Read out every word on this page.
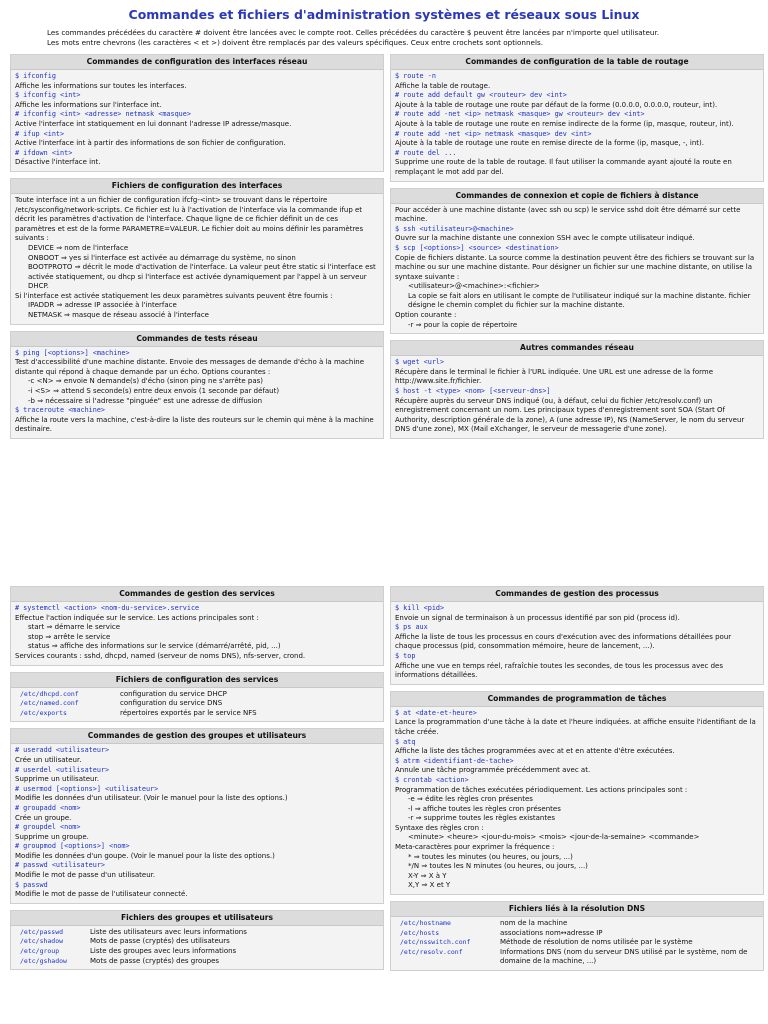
Commandes et fichiers d'administration systèmes et réseaux sous Linux
Les commandes précédées du caractère # doivent être lancées avec le compte root. Celles précédées du caractère $ peuvent être lancées par n'importe quel utilisateur.
Les mots entre chevrons (les caractères < et >) doivent être remplacés par des valeurs spécifiques. Ceux entre crochets sont optionnels.
Commandes de configuration des interfaces réseau
$ ifconfig
Affiche les informations sur toutes les interfaces.
$ ifconfig <int>
Affiche les informations sur l'interface int.
# ifconfig <int> <adresse> netmask <masque>
Active l'interface int statiquement en lui donnant l'adresse IP adresse/masque.
# ifup <int>
Active l'interface int à partir des informations de son fichier de configuration.
# ifdown <int>
Désactive l'interface int.
Fichiers de configuration des interfaces
Toute interface int a un fichier de configuration ifcfg-<int> se trouvant dans le répertoire /etc/sysconfig/network-scripts. Ce fichier est lu à l'activation de l'interface via la commande ifup et décrit les paramètres d'activation de l'interface. Chaque ligne de ce fichier définit un de ces paramètres et est de la forme PARAMETRE=VALEUR. Le fichier doit au moins définir les paramètres suivants :
DEVICE ⇒ nom de l'interface
ONBOOT ⇒ yes si l'interface est activée au démarrage du système, no sinon
BOOTPROTO ⇒ décrit le mode d'activation de l'interface. La valeur peut être static si l'interface est activée statiquement, ou dhcp si l'interface est activée dynamiquement par l'appel à un serveur DHCP.
Si l'interface est activée statiquement les deux paramètres suivants peuvent être fournis :
IPADDR ⇒ adresse IP associée à l'interface
NETMASK ⇒ masque de réseau associé à l'interface
Commandes de tests réseau
$ ping [<options>] <machine>
Test d'accessibilité d'une machine distante. Envoie des messages de demande d'écho à la machine distante qui répond à chaque demande par un écho. Options courantes :
-c <N> ⇒ envoie N demande(s) d'écho (sinon ping ne s'arrête pas)
-i <S> ⇒ attend S seconde(s) entre deux envois (1 seconde par défaut)
-b ⇒ nécessaire si l'adresse "pinguée" est une adresse de diffusion
$ traceroute <machine>
Affiche la route vers la machine, c'est-à-dire la liste des routeurs sur le chemin qui mène à la machine destinaire.
Commandes de configuration de la table de routage
$ route -n
Affiche la table de routage.
# route add default gw <routeur> dev <int>
Ajoute à la table de routage une route par défaut de la forme (0.0.0.0, 0.0.0.0, routeur, int).
# route add -net <ip> netmask <masque> gw <routeur> dev <int>
Ajoute à la table de routage une route en remise indirecte de la forme (ip, masque, routeur, int).
# route add -net <ip> netmask <masque> dev <int>
Ajoute à la table de routage une route en remise directe de la forme (ip, masque, -, int).
# route del ...
Supprime une route de la table de routage. Il faut utiliser la commande ayant ajouté la route en remplaçant le mot add par del.
Commandes de connexion et copie de fichiers à distance
Pour accéder à une machine distante (avec ssh ou scp) le service sshd doit être démarré sur cette machine.
$ ssh <utilisateur>@<machine>
Ouvre sur la machine distante une connexion SSH avec le compte utilisateur indiqué.
$ scp [<options>] <source> <destination>
Copie de fichiers distante. La source comme la destination peuvent être des fichiers se trouvant sur la machine ou sur une machine distante. Pour désigner un fichier sur une machine distante, on utilise la syntaxe suivante :
<utilisateur>@<machine>:<fichier>
La copie se fait alors en utilisant le compte de l'utilisateur indiqué sur la machine distante. fichier désigne le chemin complet du fichier sur la machine distante.
Option courante :
-r ⇒ pour la copie de répertoire
Autres commandes réseau
$ wget <url>
Récupère dans le terminal le fichier à l'URL indiquée. Une URL est une adresse de la forme http://www.site.fr/fichier.
$ host -t <type> <nom> [<serveur-dns>]
Récupère auprès du serveur DNS indiqué (ou, à défaut, celui du fichier /etc/resolv.conf) un enregistrement concernant un nom. Les principaux types d'enregistrement sont SOA (Start Of Authority, description générale de la zone), A (une adresse IP), NS (NameServer, le nom du serveur DNS d'une zone), MX (Mail eXchanger, le serveur de messagerie d'une zone).
Commandes de gestion des services
# systemctl <action> <nom-du-service>.service
Effectue l'action indiquée sur le service. Les actions principales sont :
start ⇒ démarre le service
stop ⇒ arrête le service
status ⇒ affiche des informations sur le service (démarré/arrêté, pid, ...)
Services courants : sshd, dhcpd, named (serveur de noms DNS), nfs-server, crond.
Fichiers de configuration des services
/etc/dhcpd.conf	configuration du service DHCP
/etc/named.conf	configuration du service DNS
/etc/exports	répertoires exportés par le service NFS
Commandes de gestion des groupes et utilisateurs
# useradd <utilisateur>
Crée un utilisateur.
# userdel <utilisateur>
Supprime un utilisateur.
# usermod [<options>] <utilisateur>
Modifie les données d'un utilisateur. (Voir le manuel pour la liste des options.)
# groupadd <nom>
Crée un groupe.
# groupdel <nom>
Supprime un groupe.
# groupmod [<options>] <nom>
Modifie les données d'un goupe. (Voir le manuel pour la liste des options.)
# passwd <utilisateur>
Modifie le mot de passe d'un utilisateur.
$ passwd
Modifie le mot de passe de l'utilisateur connecté.
Fichiers des groupes et utilisateurs
/etc/passwd	Liste des utilisateurs avec leurs informations
/etc/shadow	Mots de passe (cryptés) des utilisateurs
/etc/group	Liste des groupes avec leurs informations
/etc/gshadow	Mots de passe (cryptés) des groupes
Commandes de gestion des processus
$ kill <pid>
Envoie un signal de terminaison à un processus identifié par son pid (process id).
$ ps aux
Affiche la liste de tous les processus en cours d'exécution avec des informations détaillées pour chaque processus (pid, consommation mémoire, heure de lancement, ...).
$ top
Affiche une vue en temps réel, rafraîchie toutes les secondes, de tous les processus avec des informations détaillées.
Commandes de programmation de tâches
$ at <date-et-heure>
Lance la programmation d'une tâche à la date et l'heure indiquées. at affiche ensuite l'identifiant de la tâche créée.
$ atq
Affiche la liste des tâches programmées avec at et en attente d'être exécutées.
$ atrm <identifiant-de-tache>
Annule une tâche programmée précédemment avec at.
$ crontab <action>
Programmation de tâches exécutées périodiquement. Les actions principales sont :
-e ⇒ édite les règles cron présentes
-l ⇒ affiche toutes les règles cron présentes
-r ⇒ supprime toutes les règles existantes
Syntaxe des règles cron :
<minute> <heure> <jour-du-mois> <mois> <jour-de-la-semaine> <commande>
Meta-caractères pour exprimer la fréquence :
* ⇒ toutes les minutes (ou heures, ou jours, ...)
*/N ⇒ toutes les N minutes (ou heures, ou jours, ...)
X-Y ⇒ X à Y
X,Y ⇒ X et Y
Fichiers liés à la résolution DNS
/etc/hostname	nom de la machine
/etc/hosts	associations nom↔adresse IP
/etc/nsswitch.conf	Méthode de résolution de noms utilisée par le système
/etc/resolv.conf	Informations DNS (nom du serveur DNS utilisé par le système, nom de domaine de la machine, ...)
